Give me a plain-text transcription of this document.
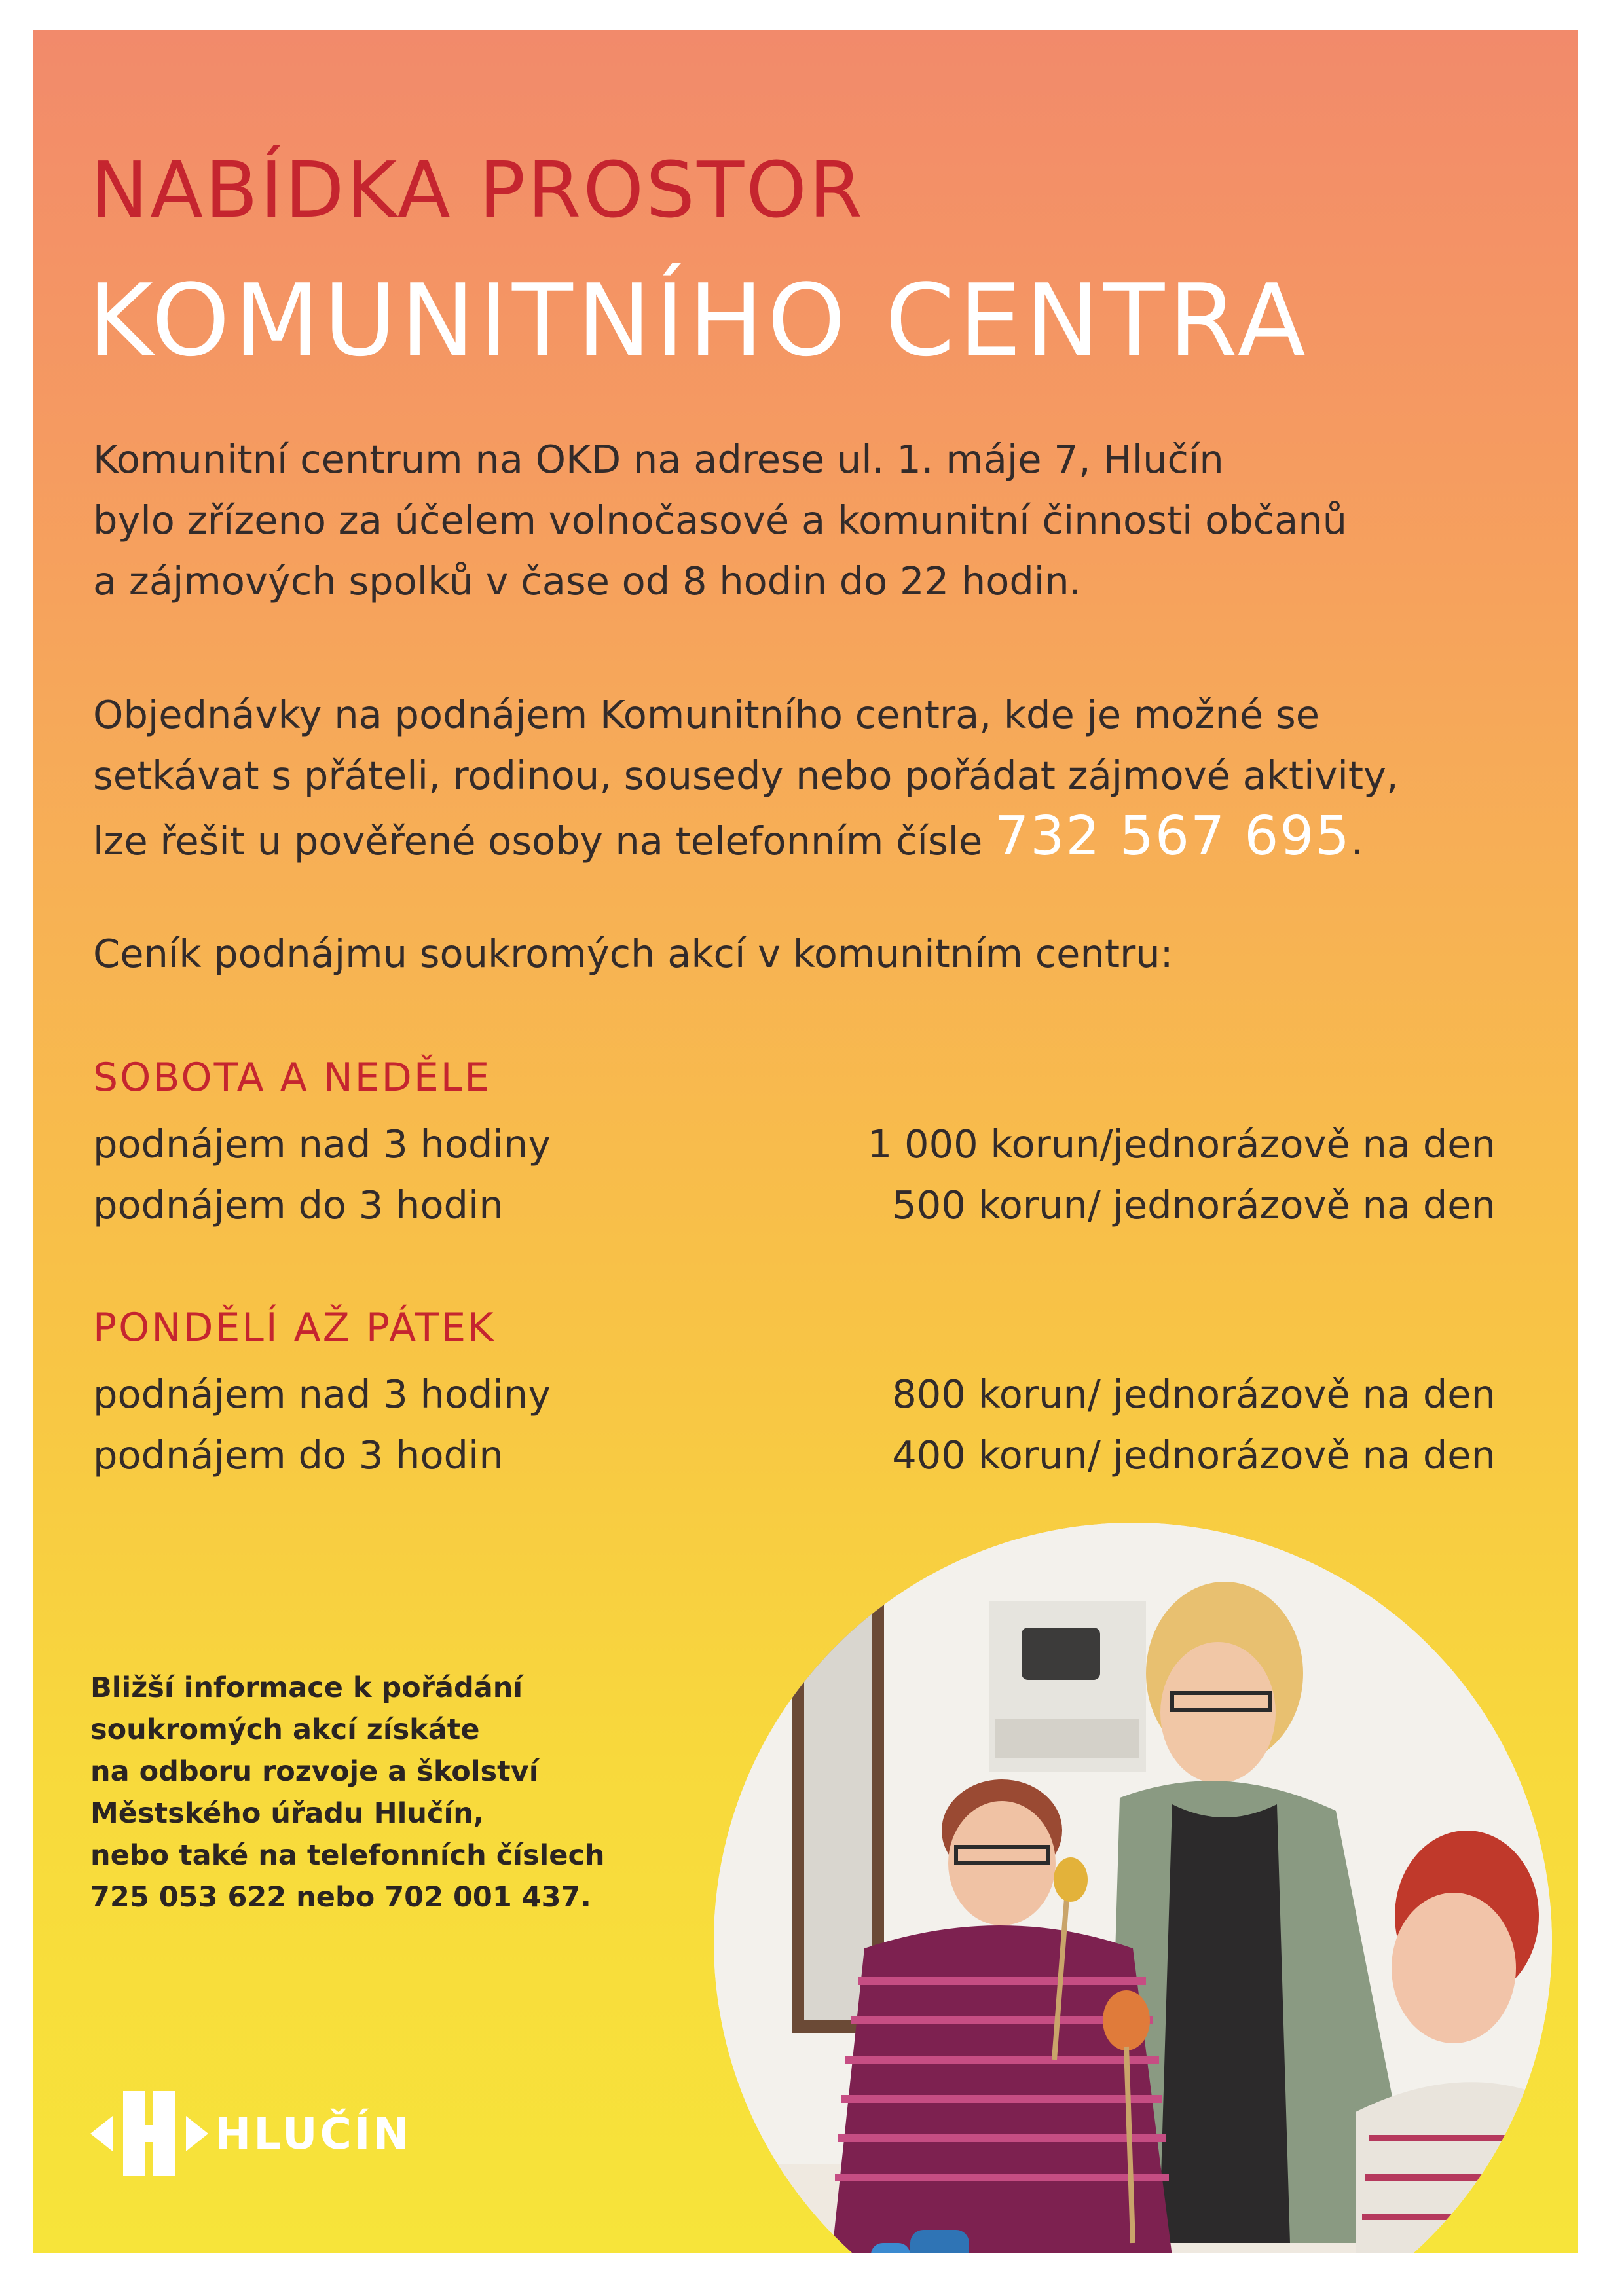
NABÍDKA PROSTOR
KOMUNITNÍHO CENTRA
Komunitní centrum na OKD na adrese ul. 1. máje 7, Hlučín
bylo zřízeno za účelem volnočasové a komunitní činnosti občanů
a zájmových spolků v čase od 8 hodin do 22 hodin.
Objednávky na podnájem Komunitního centra, kde je možné se
setkávat s přáteli, rodinou, sousedy nebo pořádat zájmové aktivity,
lze řešit u pověřené osoby na telefonním čísle 732 567 695.
Ceník podnájmu soukromých akcí v komunitním centru:
SOBOTA A NEDĚLE
podnájem nad 3 hodiny	1 000 korun/jednorázově na den
podnájem do 3 hodin	500 korun/ jednorázově na den
PONDĚLÍ AŽ PÁTEK
podnájem nad 3 hodiny	800 korun/ jednorázově na den
podnájem do 3 hodin	400 korun/ jednorázově na den
Bližší informace k pořádání
soukromých akcí získáte
na odboru rozvoje a školství
Městského úřadu Hlučín,
nebo také na telefonních číslech
725 053 622 nebo 702 001 437.
HLUČÍN
